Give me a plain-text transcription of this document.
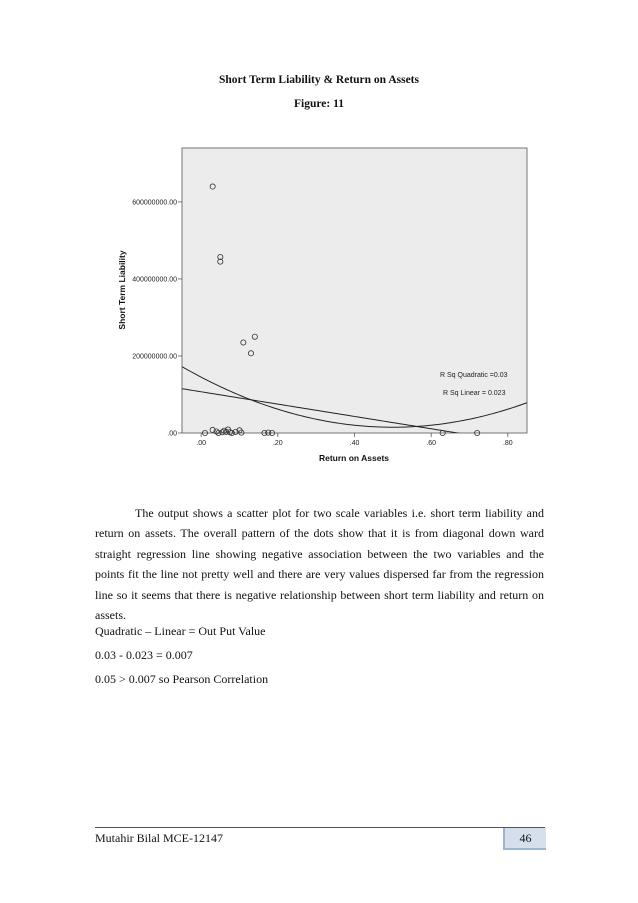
Short Term Liability & Return on Assets
Figure: 11
.00
200000000.00
400000000.00
600000000.00
.00	.20	.40	.60	.80
R Sq Quadratic =0.03
R Sq Linear = 0.023
Return on Assets
Short Term Liability

The output shows a scatter plot for two scale variables i.e. short term liability and return on assets. The overall pattern of the dots show that it is from diagonal down ward straight regression line showing negative association between the two variables and the points fit the line not pretty well and there are very values dispersed far from the regression line so it seems that there is negative relationship between short term liability and return on assets.

Quadratic – Linear = Out Put Value

0.03 - 0.023 = 0.007

0.05 > 0.007 so Pearson Correlation

Mutahir Bilal MCE-12147	46
